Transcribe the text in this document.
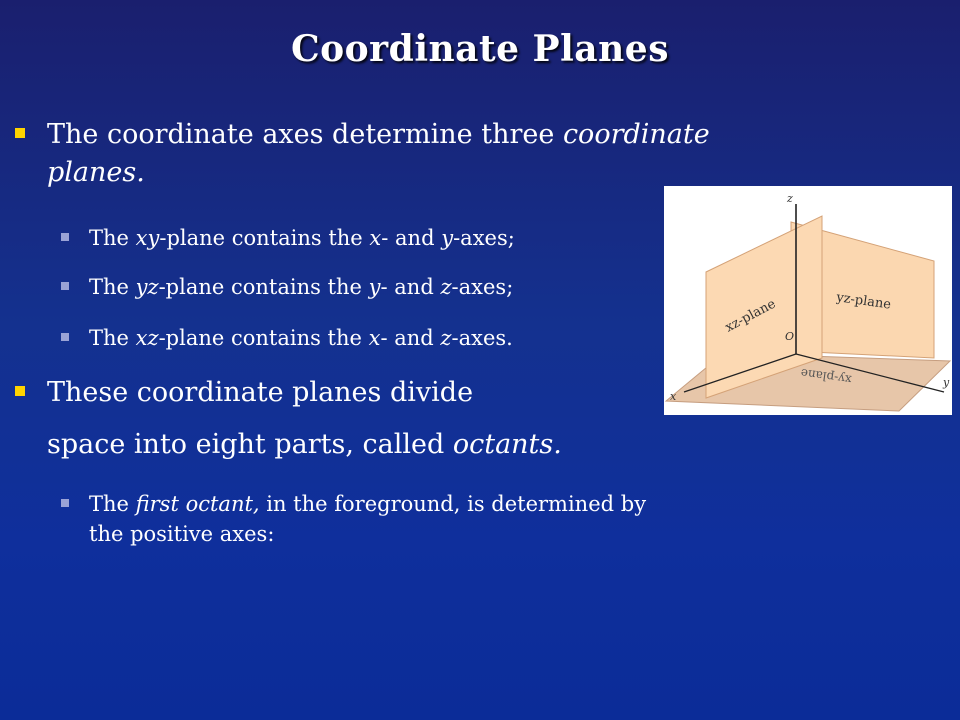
Coordinate Planes
The coordinate axes determine three coordinate
planes.
The xy-plane contains the x- and y-axes;
The yz-plane contains the y- and z-axes;
The xz-plane contains the x- and z-axes.
These coordinate planes divide
space into eight parts, called octants.
The first octant, in the foreground, is determined by
the positive axes:
z
y
x
O
xz-plane	yz-plane
xy-plane
